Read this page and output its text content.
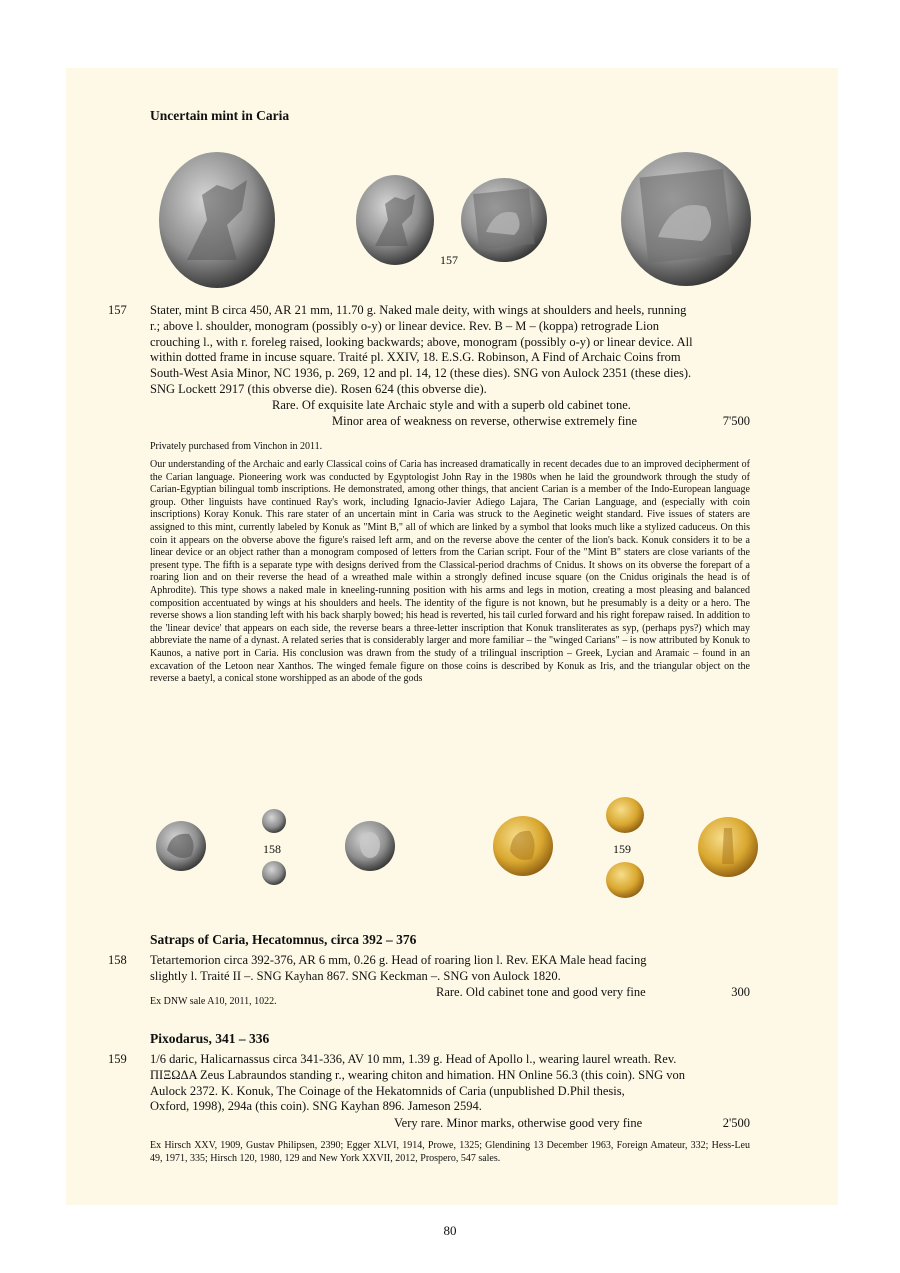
Uncertain mint in Caria
157
157 Stater, mint B circa 450, AR 21 mm, 11.70 g. Naked male deity, with wings at shoulders and heels, running
r.; above l. shoulder, monogram (possibly o-y) or linear device. Rev. B – M – (koppa) retrograde Lion
crouching l., with r. foreleg raised, looking backwards; above, monogram (possibly o-y) or linear device. All
within dotted frame in incuse square. Traité pl. XXIV, 18. E.S.G. Robinson, A Find of Archaic Coins from
South-West Asia Minor, NC 1936, p. 269, 12 and pl. 14, 12 (these dies). SNG von Aulock 2351 (these dies).
SNG Lockett 2917 (this obverse die). Rosen 624 (this obverse die).
Rare. Of exquisite late Archaic style and with a superb old cabinet tone.
Minor area of weakness on reverse, otherwise extremely fine	7'500
Privately purchased from Vinchon in 2011.
Our understanding of the Archaic and early Classical coins of Caria has increased dramatically in recent decades due to an improved decipherment of the Carian language. Pioneering work was conducted by Egyptologist John Ray in the 1980s when he laid the groundwork through the study of Carian-Egyptian bilingual tomb inscriptions. He demonstrated, among other things, that ancient Carian is a member of the Indo-European language group. Other linguists have continued Ray's work, including Ignacio-Javier Adiego Lajara, The Carian Language, and (especially with coin inscriptions) Koray Konuk. This rare stater of an uncertain mint in Caria was struck to the Aeginetic weight standard. Five issues of staters are assigned to this mint, currently labeled by Konuk as "Mint B," all of which are linked by a symbol that looks much like a stylized caduceus. On this coin it appears on the obverse above the figure's raised left arm, and on the reverse above the center of the lion's back. Konuk considers it to be a linear device or an object rather than a monogram composed of letters from the Carian script. Four of the "Mint B" staters are close variants of the present type. The fifth is a separate type with designs derived from the Classical-period drachms of Cnidus. It shows on its obverse the forepart of a roaring lion and on their reverse the head of a wreathed male within a strongly defined incuse square (on the Cnidus originals the head is of Aphrodite). This type shows a naked male in kneeling-running position with his arms and legs in motion, creating a most pleasing and balanced composition accentuated by wings at his shoulders and heels. The identity of the figure is not known, but he presumably is a deity or a hero. The reverse shows a lion standing left with his back sharply bowed; his head is reverted, his tail curled forward and his right forepaw raised. In addition to the 'linear device' that appears on each side, the reverse bears a three-letter inscription that Konuk transliterates as syp, (perhaps pys?) which may abbreviate the name of a dynast. A related series that is considerably larger and more familiar – the "winged Carians" – is now attributed by Konuk to Kaunos, a native port in Caria. His conclusion was drawn from the study of a trilingual inscription – Greek, Lycian and Aramaic – found in an excavation of the Letoon near Xanthos. The winged female figure on those coins is described by Konuk as Iris, and the triangular object on the reverse a baetyl, a conical stone worshipped as an abode of the gods
158	159
Satraps of Caria, Hecatomnus, circa 392 – 376
158 Tetartemorion circa 392-376, AR 6 mm, 0.26 g. Head of roaring lion l. Rev. EKA Male head facing
slightly l. Traité II –. SNG Kayhan 867. SNG Keckman –. SNG von Aulock 1820.
Rare. Old cabinet tone and good very fine	300
Ex DNW sale A10, 2011, 1022.
Pixodarus, 341 – 336
159 1/6 daric, Halicarnassus circa 341-336, AV 10 mm, 1.39 g. Head of Apollo l., wearing laurel wreath. Rev.
ΠΙΞΩΔΑ Zeus Labraundos standing r., wearing chiton and himation. HN Online 56.3 (this coin). SNG von
Aulock 2372. K. Konuk, The Coinage of the Hekatomnids of Caria (unpublished D.Phil thesis,
Oxford, 1998), 294a (this coin). SNG Kayhan 896. Jameson 2594.
Very rare. Minor marks, otherwise good very fine	2'500
Ex Hirsch XXV, 1909, Gustav Philipsen, 2390; Egger XLVI, 1914, Prowe, 1325; Glendining 13 December 1963, Foreign Amateur, 332; Hess-Leu 49, 1971, 335; Hirsch 120, 1980, 129 and New York XXVII, 2012, Prospero, 547 sales.
80
